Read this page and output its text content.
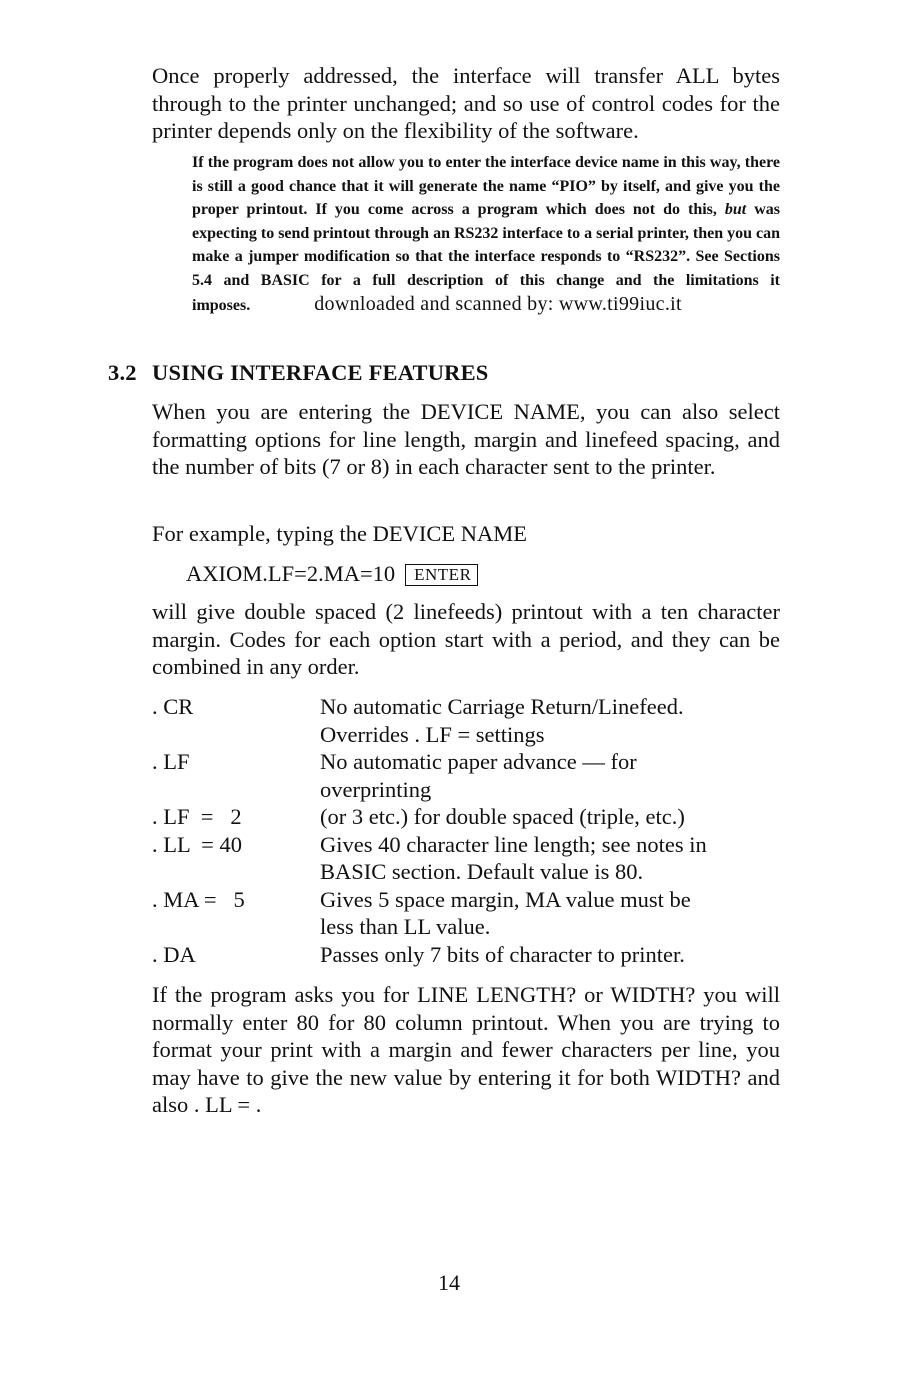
Once properly addressed, the interface will transfer ALL bytes through to the printer unchanged; and so use of control codes for the printer depends only on the flexibility of the software.

If the program does not allow you to enter the interface device name in this way, there is still a good chance that it will generate the name “PIO” by itself, and give you the proper printout. If you come across a program which does not do this, but was expecting to send printout through an RS232 interface to a serial printer, then you can make a jumper modification so that the interface responds to “RS232”. See Sections 5.4 and BASIC for a full description of this change and the limitations it imposes.	downloaded and scanned by: www.ti99iuc.it

3.2 USING INTERFACE FEATURES

When you are entering the DEVICE NAME, you can also select formatting options for line length, margin and linefeed spacing, and the number of bits (7 or 8) in each character sent to the printer.

For example, typing the DEVICE NAME

AXIOM.LF=2.MA=10 ENTER

will give double spaced (2 linefeeds) printout with a ten character margin. Codes for each option start with a period, and they can be combined in any order.

. CR	No automatic Carriage Return/Linefeed.
Overrides . LF = settings
. LF	No automatic paper advance — for
overprinting
. LF  =   2	(or 3 etc.) for double spaced (triple, etc.)
. LL  = 40	Gives 40 character line length; see notes in
BASIC section. Default value is 80.
. MA =   5	Gives 5 space margin, MA value must be
less than LL value.
. DA	Passes only 7 bits of character to printer.

If the program asks you for LINE LENGTH? or WIDTH? you will normally enter 80 for 80 column printout. When you are trying to format your print with a margin and fewer characters per line, you may have to give the new value by entering it for both WIDTH? and also . LL = .

14
